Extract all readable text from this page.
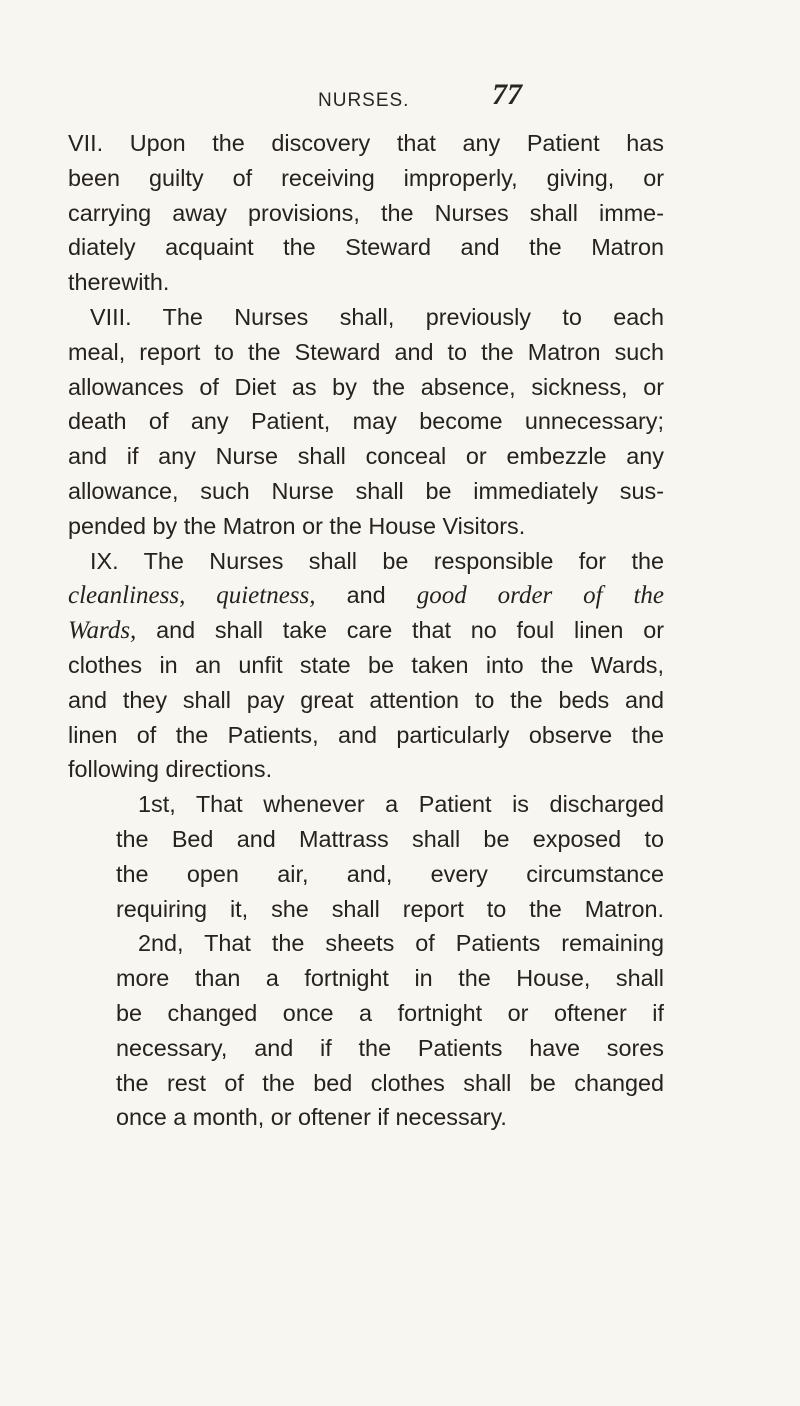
NURSES.	77
VII. Upon the discovery that any Patient has
been guilty of receiving improperly, giving, or
carrying away provisions, the Nurses shall imme-
diately acquaint the Steward and the Matron
therewith.
VIII. The Nurses shall, previously to each
meal, report to the Steward and to the Matron such
allowances of Diet as by the absence, sickness, or
death of any Patient, may become unnecessary;
and if any Nurse shall conceal or embezzle any
allowance, such Nurse shall be immediately sus-
pended by the Matron or the House Visitors.
IX. The Nurses shall be responsible for the
cleanliness, quietness, and good order of the
Wards, and shall take care that no foul linen or
clothes in an unfit state be taken into the Wards,
and they shall pay great attention to the beds and
linen of the Patients, and particularly observe the
following directions.
1st, That whenever a Patient is discharged
the Bed and Mattrass shall be exposed to
the open air, and, every circumstance
requiring it, she shall report to the Matron.
2nd, That the sheets of Patients remaining
more than a fortnight in the House, shall
be changed once a fortnight or oftener if
necessary, and if the Patients have sores
the rest of the bed clothes shall be changed
once a month, or oftener if necessary.
